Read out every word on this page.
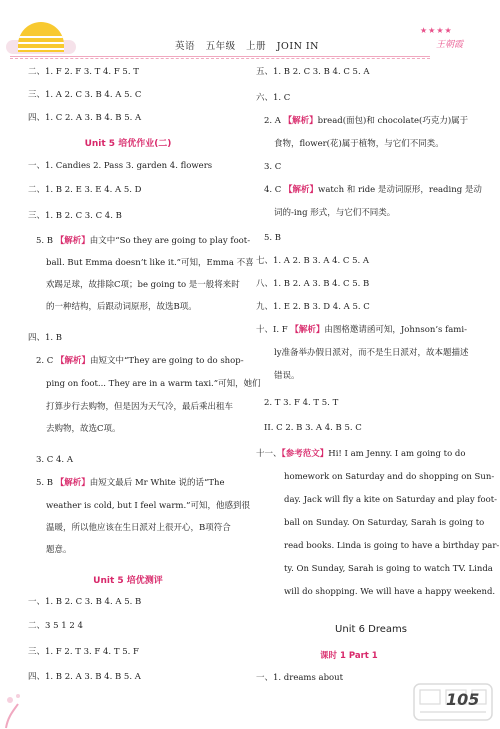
英语 五年级 上册 JOIN IN
★★★★
王朝霞
二、1. F 2. F 3. T 4. F 5. T
三、1. A 2. C 3. B 4. A 5. C
四、1. C 2. A 3. B 4. B 5. A
Unit 5 培优作业(二)
一、1. Candies 2. Pass 3. garden 4. flowers
二、1. B 2. E 3. E 4. A 5. D
三、1. B 2. C 3. C 4. B
5. B 【解析】由文中“So they are going to play foot-
ball. But Emma doesn’t like it.”可知，Emma 不喜
欢踢足球，故排除C项；be going to 是一般将来时
的一种结构，后跟动词原形，故选B项。
四、1. B
2. C 【解析】由短文中“They are going to do shop-
ping on foot... They are in a warm taxi.”可知，她们
打算步行去购物，但是因为天气冷，最后乘出租车
去购物，故选C项。
3. C 4. A
5. B 【解析】由短文最后 Mr White 说的话“The
weather is cold, but I feel warm.”可知，他感到很
温暖，所以他应该在生日派对上很开心，B项符合
题意。
Unit 5 培优测评
一、1. B 2. C 3. B 4. A 5. B
二、3 5 1 2 4
三、1. F 2. T 3. F 4. T 5. F
四、1. B 2. A 3. B 4. B 5. A
五、1. B 2. C 3. B 4. C 5. A
六、1. C
2. A 【解析】bread(面包)和 chocolate(巧克力)属于
食物，flower(花)属于植物，与它们不同类。
3. C
4. C 【解析】watch 和 ride 是动词原形，reading 是动
词的-ing 形式，与它们不同类。
5. B
七、1. A 2. B 3. A 4. C 5. A
八、1. B 2. A 3. B 4. C 5. B
九、1. E 2. B 3. D 4. A 5. C
十、I. F 【解析】由图格邀请函可知，Johnson’s fami-
ly准备举办假日派对，而不是生日派对，故本题描述
错误。
2. T 3. F 4. T 5. T
II. C 2. B 3. A 4. B 5. C
十一、【参考范文】Hi! I am Jenny. I am going to do
homework on Saturday and do shopping on Sun-
day. Jack will fly a kite on Saturday and play foot-
ball on Sunday. On Saturday, Sarah is going to
read books. Linda is going to have a birthday par-
ty. On Sunday, Sarah is going to watch TV. Linda
will do shopping. We will have a happy weekend.
Unit 6 Dreams
课时 1 Part 1
一、1. dreams about
105
